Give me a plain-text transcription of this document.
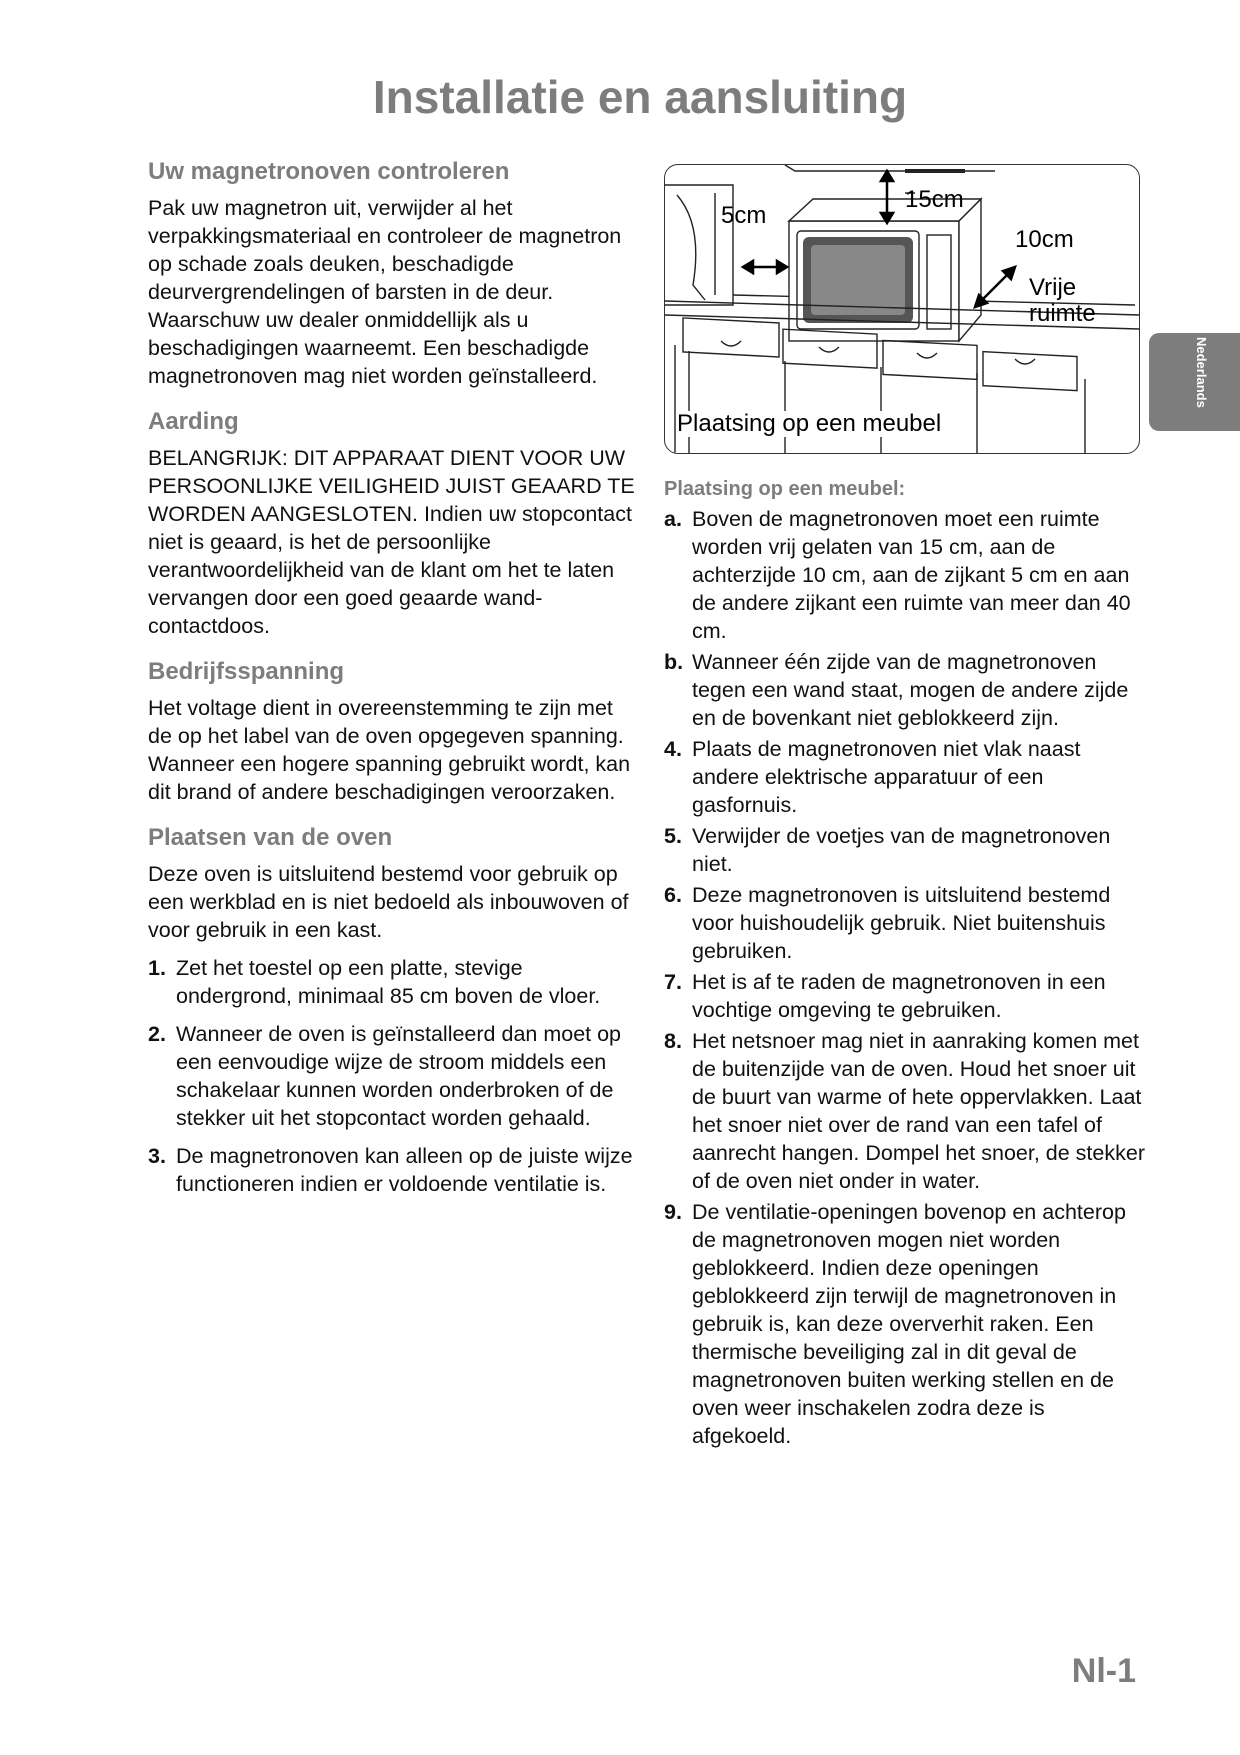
Installatie en aansluiting
Uw magnetronoven controleren

Pak uw magnetron uit, verwijder al het verpakkingsmateriaal en controleer de magnetron op schade zoals deuken, beschadigde deurvergrendelingen of barsten in de deur. Waarschuw uw dealer onmiddellijk als u beschadigingen waarneemt. Een beschadigde magnetronoven mag niet worden geïnstalleerd.

Aarding

BELANGRIJK: DIT APPARAAT DIENT VOOR UW PERSOONLIJKE VEILIGHEID JUIST GEAARD TE WORDEN AANGESLOTEN. Indien uw stopcontact niet is geaard, is het de persoonlijke verantwoordelijkheid van de klant om het te laten vervangen door een goed geaarde wand-contactdoos.

Bedrijfsspanning

Het voltage dient in overeenstemming te zijn met de op het label van de oven opgegeven spanning. Wanneer een hogere spanning gebruikt wordt, kan dit brand of andere beschadigingen veroorzaken.

Plaatsen van de oven

Deze oven is uitsluitend bestemd voor gebruik op een werkblad en is niet bedoeld als inbouwoven of voor gebruik in een kast.

1. Zet het toestel op een platte, stevige ondergrond, minimaal 85 cm boven de vloer.
2. Wanneer de oven is geïnstalleerd dan moet op een eenvoudige wijze de stroom middels een schakelaar kunnen worden onderbroken of de stekker uit het stopcontact worden gehaald.
3. De magnetronoven kan alleen op de juiste wijze functioneren indien er voldoende ventilatie is.
15cm
5cm
10cm
Vrije ruimte
Plaatsing op een meubel
Plaatsing op een meubel:
a. Boven de magnetronoven moet een ruimte worden vrij gelaten van 15 cm, aan de achterzijde 10 cm, aan de zijkant 5 cm en aan de andere zijkant een ruimte van meer dan 40 cm.
b. Wanneer één zijde van de magnetronoven tegen een wand staat, mogen de andere zijde en de bovenkant niet geblokkeerd zijn.
4. Plaats de magnetronoven niet vlak naast andere elektrische apparatuur of een gasfornuis.
5. Verwijder de voetjes van de magnetronoven niet.
6. Deze magnetronoven is uitsluitend bestemd voor huishoudelijk gebruik. Niet buitenshuis gebruiken.
7. Het is af te raden de magnetronoven in een vochtige omgeving te gebruiken.
8. Het netsnoer mag niet in aanraking komen met de buitenzijde van de oven. Houd het snoer uit de buurt van warme of hete oppervlakken. Laat het snoer niet over de rand van een tafel of aanrecht hangen. Dompel het snoer, de stekker of de oven niet onder in water.
9. De ventilatie-openingen bovenop en achterop de magnetronoven mogen niet worden geblokkeerd. Indien deze openingen geblokkeerd zijn terwijl de magnetronoven in gebruik is, kan deze oververhit raken. Een thermische beveiliging zal in dit geval de magnetronoven buiten werking stellen en de oven weer inschakelen zodra deze is afgekoeld.
Nederlands
Nl-1
